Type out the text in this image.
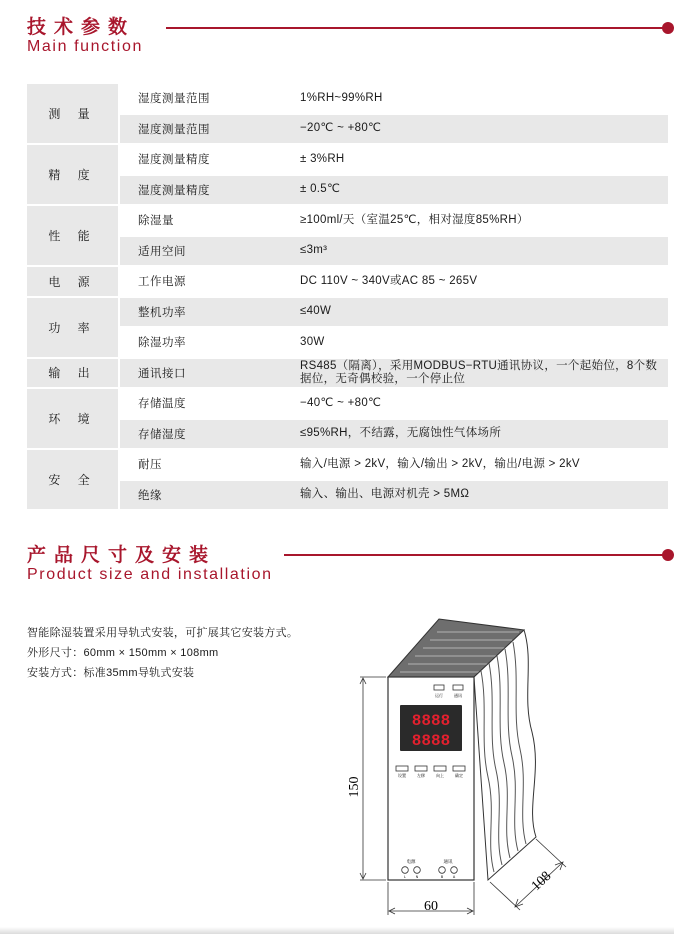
技术参数
Main function
测 量	湿度测量范围	1%RH~99%RH
	湿度测量范围	−20℃ ~ +80℃
精 度	湿度测量精度	± 3%RH
	湿度测量精度	± 0.5℃
性 能	除湿量	≥100ml/天（室温25℃，相对湿度85%RH）
	适用空间	≤3m³
电 源	工作电源	DC 110V ~ 340V或AC 85 ~ 265V
功 率	整机功率	≤40W
	除湿功率	30W
输 出	通讯接口	RS485（隔离），采用MODBUS−RTU通讯协议，一个起始位，8个数据位，无奇偶校验，一个停止位
环 境	存储温度	−40℃ ~ +80℃
	存储湿度	≤95%RH，不结露，无腐蚀性气体场所
安 全	耐压	输入/电源 > 2kV，输入/输出 > 2kV，输出/电源 > 2kV
	绝缘	输入、输出、电源对机壳 > 5MΩ
产品尺寸及安装
Product size and installation
智能除湿装置采用导轨式安装，可扩展其它安装方式。
外形尺寸：60mm × 150mm × 108mm
安装方式：标准35mm导轨式安装
运行	通讯
8888
8888
设置	左移	向上	确定
电源
L	N
通讯
B	A
150
60
108
